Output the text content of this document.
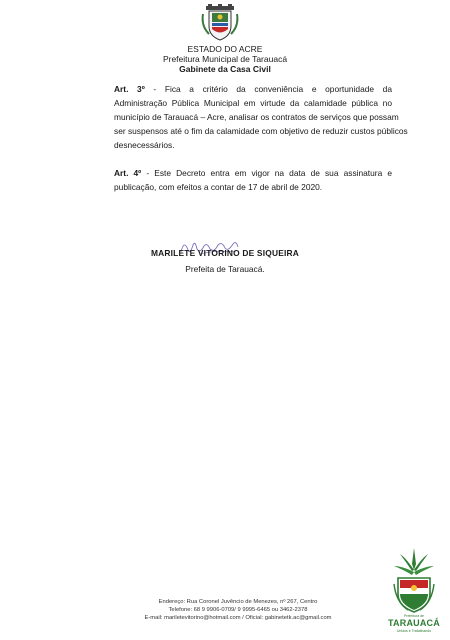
ESTADO DO ACRE
Prefeitura Municipal de Tarauacá
Gabinete da Casa Civil
Art. 3º - Fica a critério da conveniência e oportunidade da
Administração Pública Municipal em virtude da calamidade pública no
município de Tarauacá – Acre, analisar os contratos de serviços que possam
ser suspensos até o fim da calamidade com objetivo de reduzir custos públicos
desnecessários.
Art. 4º - Este Decreto entra em vigor na data de sua assinatura e
publicação, com efeitos a contar de 17 de abril de 2020.
MARILETE VITORINO DE SIQUEIRA
Prefeita de Tarauacá.
Endereço: Rua Coronel Juvêncio de Menezes, nº 267, Centro
Telefone: 68 9 9906-0709/ 9 9995-6465 ou 3462-2378
E-mail: mariletevitorino@hotmail.com / Oficial: gabinetetk.ac@gmail.com	Prefeitura de
TARAUACÁ
Unidos e Trabalhando
